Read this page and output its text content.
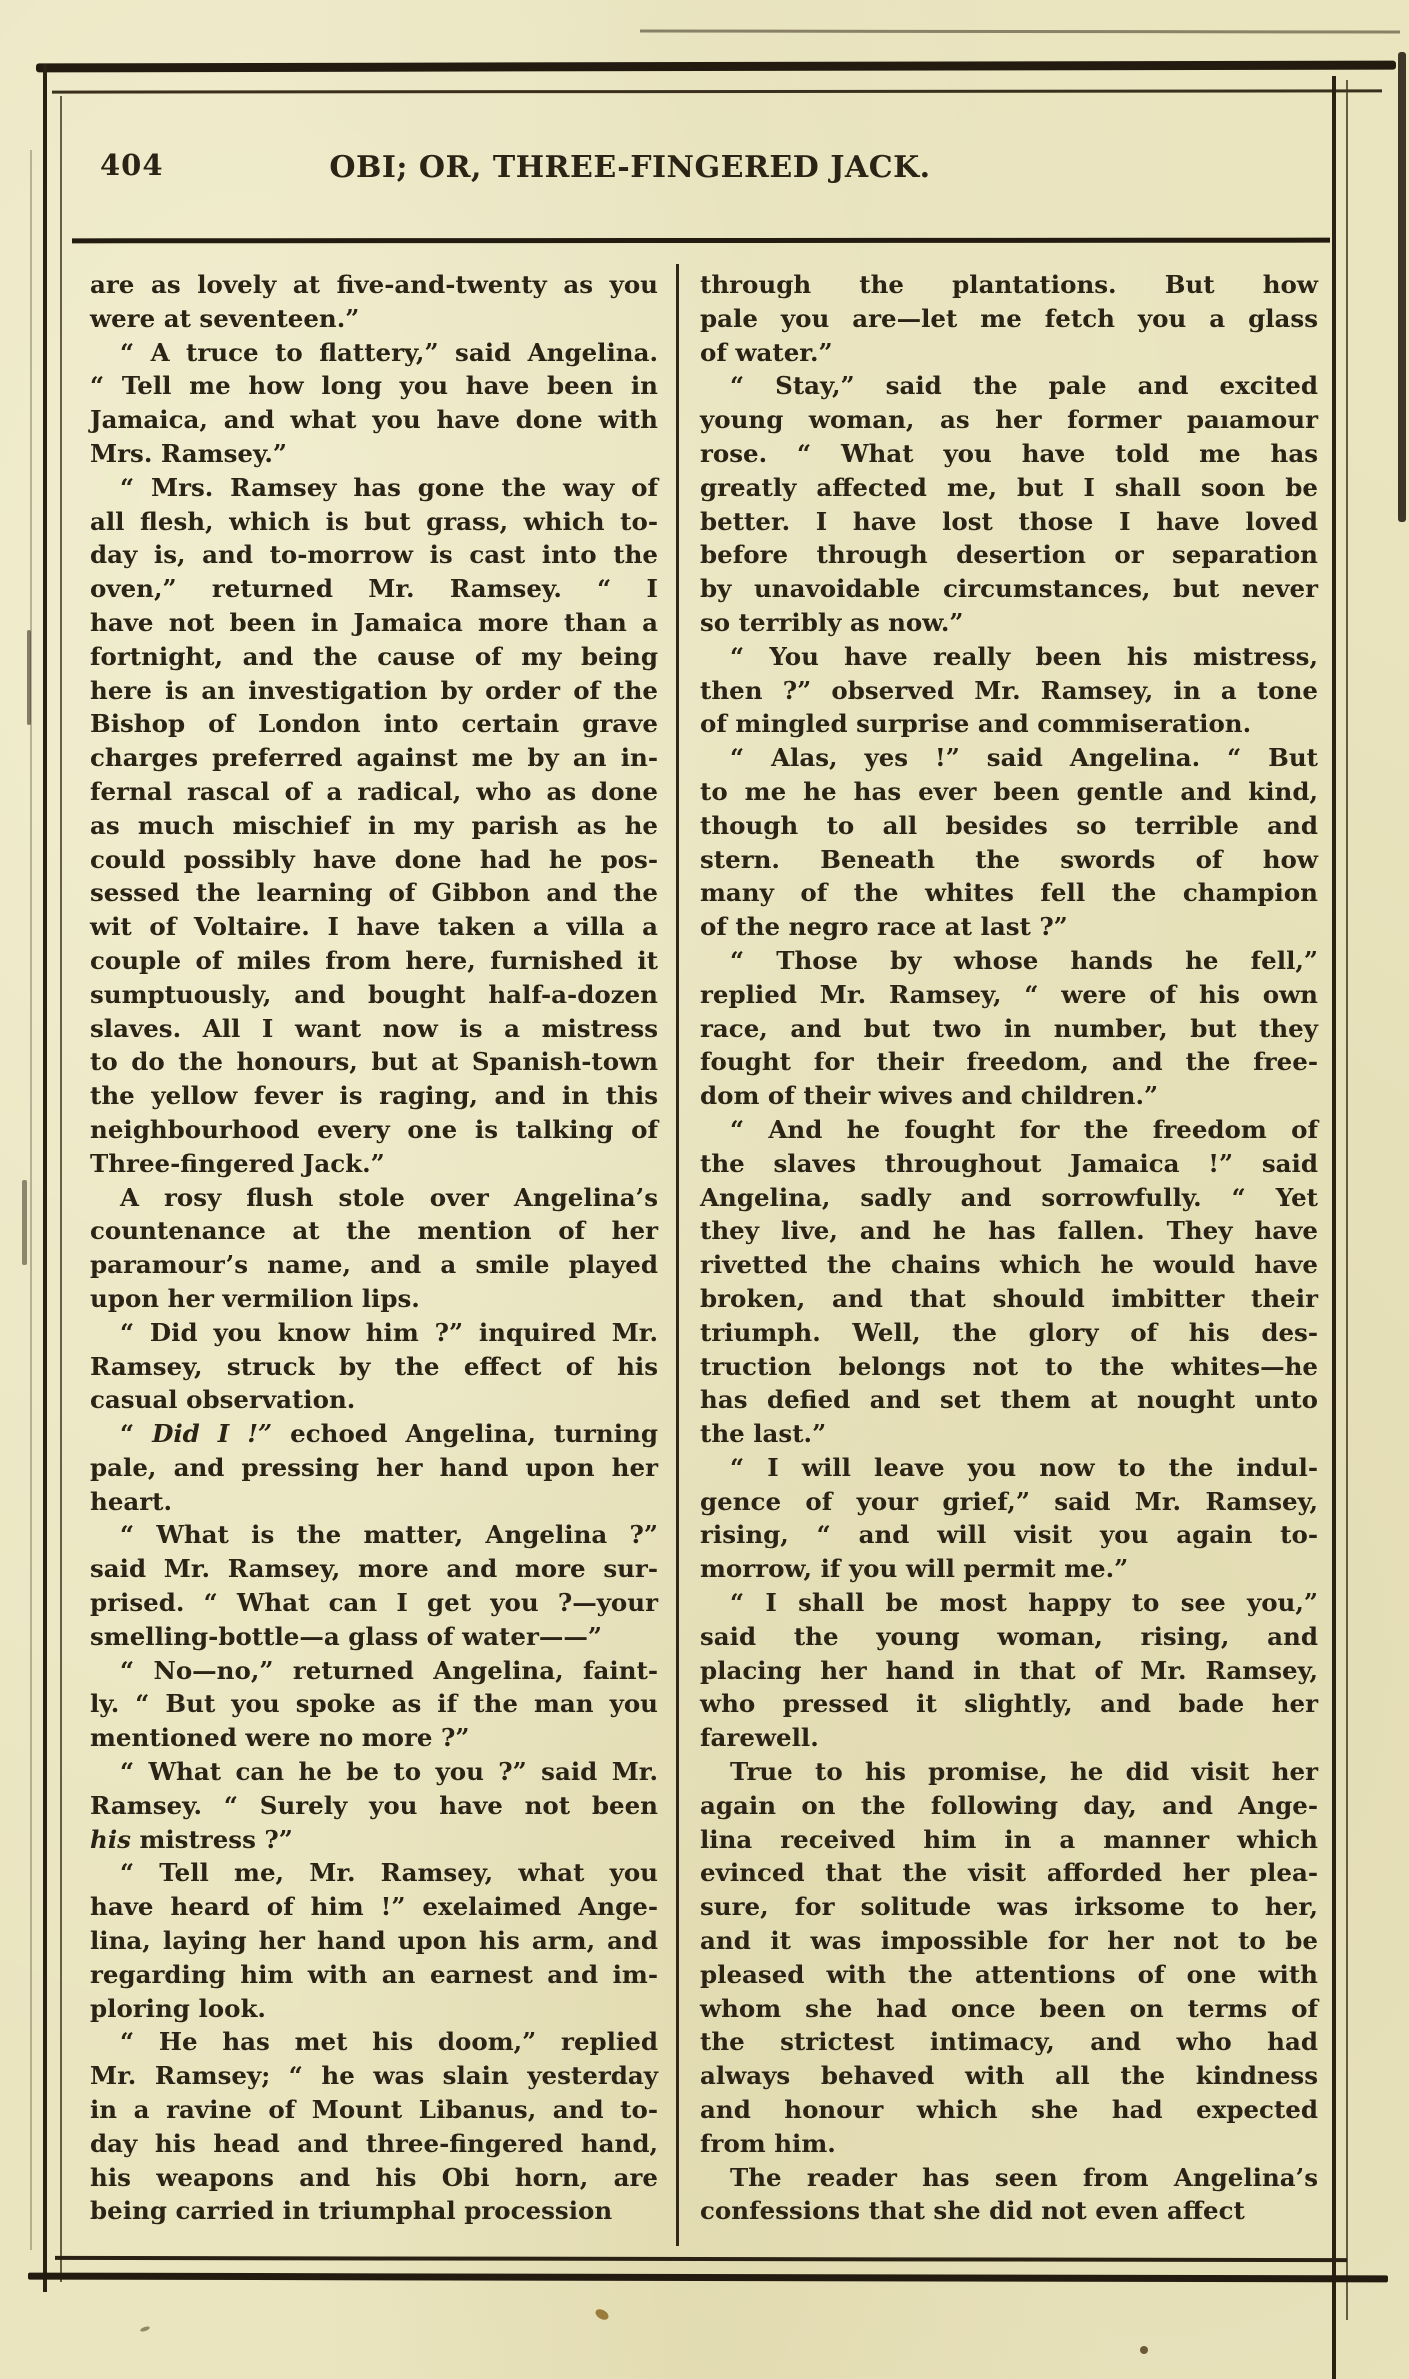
404	OBI; OR, THREE-FINGERED JACK.
are as lovely at five-and-twenty as you
were at seventeen.”
“ A truce to flattery,” said Angelina.
“ Tell me how long you have been in
Jamaica, and what you have done with
Mrs. Ramsey.”
“ Mrs. Ramsey has gone the way of
all flesh, which is but grass, which to-
day is, and to-morrow is cast into the
oven,” returned Mr. Ramsey. “ I
have not been in Jamaica more than a
fortnight, and the cause of my being
here is an investigation by order of the
Bishop of London into certain grave
charges preferred against me by an in-
fernal rascal of a radical, who as done
as much mischief in my parish as he
could possibly have done had he pos-
sessed the learning of Gibbon and the
wit of Voltaire. I have taken a villa a
couple of miles from here, furnished it
sumptuously, and bought half-a-dozen
slaves. All I want now is a mistress
to do the honours, but at Spanish-town
the yellow fever is raging, and in this
neighbourhood every one is talking of
Three-fingered Jack.”
A rosy flush stole over Angelina’s
countenance at the mention of her
paramour’s name, and a smile played
upon her vermilion lips.
“ Did you know him ?” inquired Mr.
Ramsey, struck by the effect of his
casual observation.
“ Did I !” echoed Angelina, turning
pale, and pressing her hand upon her
heart.
“ What is the matter, Angelina ?”
said Mr. Ramsey, more and more sur-
prised. “ What can I get you ?—your
smelling-bottle—a glass of water——”
“ No—no,” returned Angelina, faint-
ly. “ But you spoke as if the man you
mentioned were no more ?”
“ What can he be to you ?” said Mr.
Ramsey. “ Surely you have not been
his mistress ?”
“ Tell me, Mr. Ramsey, what you
have heard of him !” exelaimed Ange-
lina, laying her hand upon his arm, and
regarding him with an earnest and im-
ploring look.
“ He has met his doom,” replied
Mr. Ramsey; “ he was slain yesterday
in a ravine of Mount Libanus, and to-
day his head and three-fingered hand,
his weapons and his Obi horn, are
being carried in triumphal procession
through the plantations. But how
pale you are—let me fetch you a glass
of water.”
“ Stay,” said the pale and excited
young woman, as her former paıamour
rose. “ What you have told me has
greatly affected me, but I shall soon be
better. I have lost those I have loved
before through desertion or separation
by unavoidable circumstances, but never
so terribly as now.”
“ You have really been his mistress,
then ?” observed Mr. Ramsey, in a tone
of mingled surprise and commiseration.
“ Alas, yes !” said Angelina. “ But
to me he has ever been gentle and kind,
though to all besides so terrible and
stern. Beneath the swords of how
many of the whites fell the champion
of the negro race at last ?”
“ Those by whose hands he fell,”
replied Mr. Ramsey, “ were of his own
race, and but two in number, but they
fought for their freedom, and the free-
dom of their wives and children.”
“ And he fought for the freedom of
the slaves throughout Jamaica !” said
Angelina, sadly and sorrowfully. “ Yet
they live, and he has fallen. They have
rivetted the chains which he would have
broken, and that should imbitter their
triumph. Well, the glory of his des-
truction belongs not to the whites—he
has defied and set them at nought unto
the last.”
“ I will leave you now to the indul-
gence of your grief,” said Mr. Ramsey,
rising, “ and will visit you again to-
morrow, if you will permit me.”
“ I shall be most happy to see you,”
said the young woman, rising, and
placing her hand in that of Mr. Ramsey,
who pressed it slightly, and bade her
farewell.
True to his promise, he did visit her
again on the following day, and Ange-
lina received him in a manner which
evinced that the visit afforded her plea-
sure, for solitude was irksome to her,
and it was impossible for her not to be
pleased with the attentions of one with
whom she had once been on terms of
the strictest intimacy, and who had
always behaved with all the kindness
and honour which she had expected
from him.
The reader has seen from Angelina’s
confessions that she did not even affect
